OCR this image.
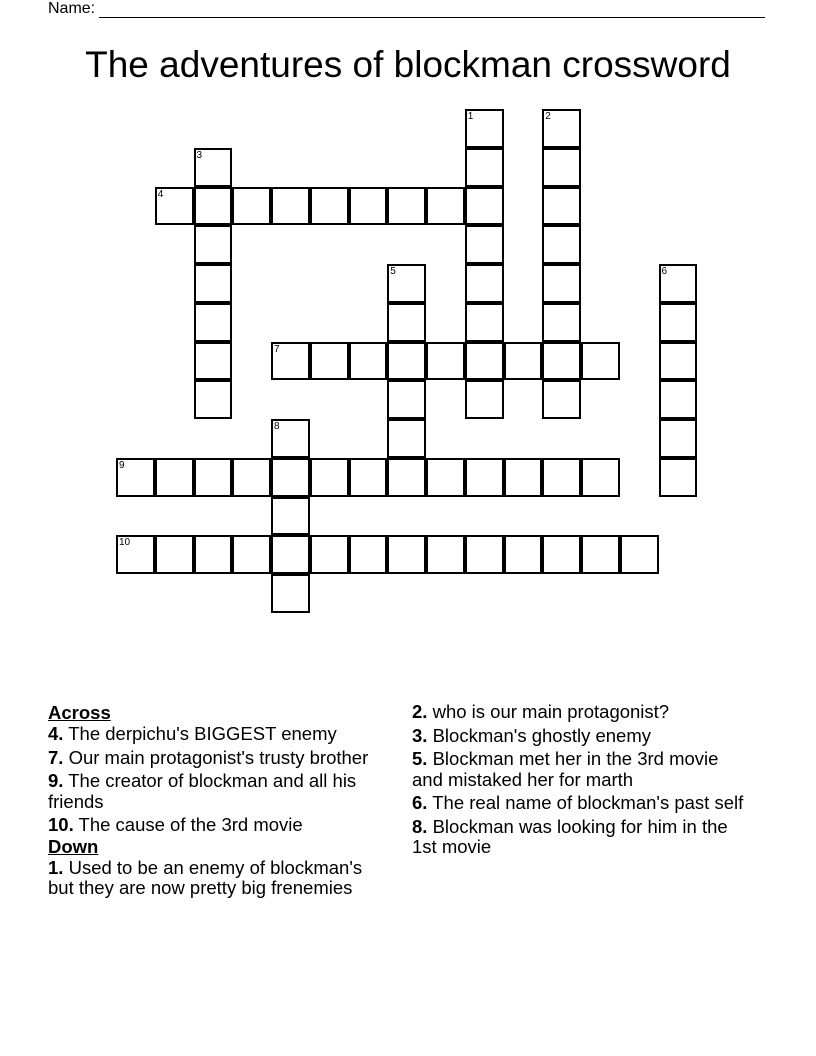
Name:
The adventures of blockman crossword
1	2
3
4
5	6
7
8
9
10
Across
4. The derpichu's BIGGEST enemy
7. Our main protagonist's trusty brother
9. The creator of blockman and all his friends
10. The cause of the 3rd movie
Down
1. Used to be an enemy of blockman's but they are now pretty big frenemies
2. who is our main protagonist?
3. Blockman's ghostly enemy
5. Blockman met her in the 3rd movie and mistaked her for marth
6. The real name of blockman's past self
8. Blockman was looking for him in the 1st movie
